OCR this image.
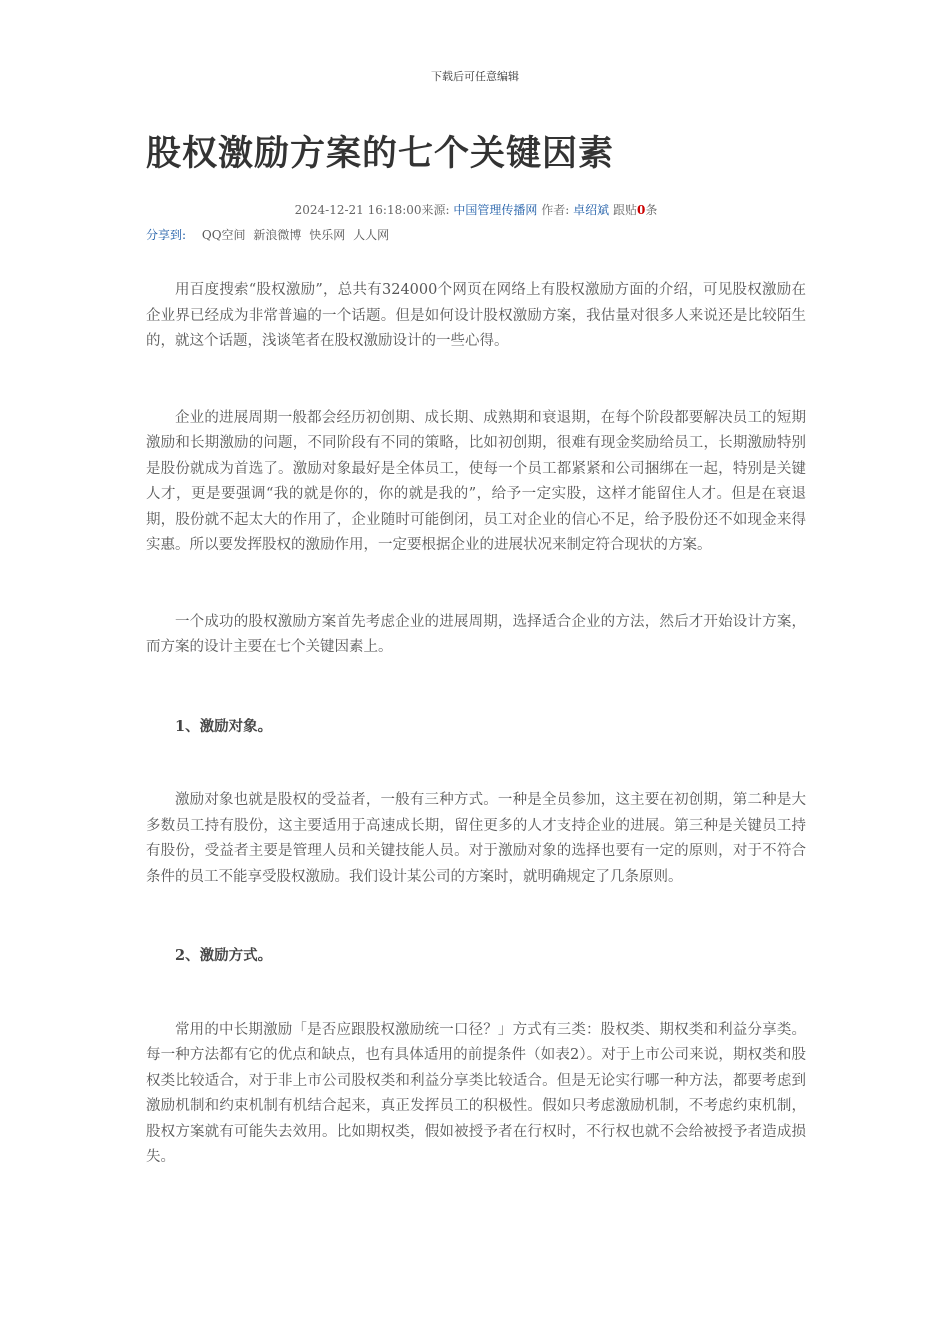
下载后可任意编辑
股权激励方案的七个关键因素
2024-12-21 16:18:00来源: 中国管理传播网 作者: 卓绍斌 跟贴0条
分享到: QQ空间 新浪微博 快乐网 人人网

用百度搜索“股权激励”，总共有324000个网页在网络上有股权激励方面的介绍，可见股权激励在企业界已经成为非常普遍的一个话题。但是如何设计股权激励方案，我估量对很多人来说还是比较陌生的，就这个话题，浅谈笔者在股权激励设计的一些心得。

企业的进展周期一般都会经历初创期、成长期、成熟期和衰退期，在每个阶段都要解决员工的短期激励和长期激励的问题，不同阶段有不同的策略，比如初创期，很难有现金奖励给员工，长期激励特别是股份就成为首选了。激励对象最好是全体员工，使每一个员工都紧紧和公司捆绑在一起，特别是关键人才，更是要强调“我的就是你的，你的就是我的”，给予一定实股，这样才能留住人才。但是在衰退期，股份就不起太大的作用了，企业随时可能倒闭，员工对企业的信心不足，给予股份还不如现金来得实惠。所以要发挥股权的激励作用，一定要根据企业的进展状况来制定符合现状的方案。

一个成功的股权激励方案首先考虑企业的进展周期，选择适合企业的方法，然后才开始设计方案，而方案的设计主要在七个关键因素上。

1、激励对象。

激励对象也就是股权的受益者，一般有三种方式。一种是全员参加，这主要在初创期，第二种是大多数员工持有股份，这主要适用于高速成长期，留住更多的人才支持企业的进展。第三种是关键员工持有股份，受益者主要是管理人员和关键技能人员。对于激励对象的选择也要有一定的原则，对于不符合条件的员工不能享受股权激励。我们设计某公司的方案时，就明确规定了几条原则。

2、激励方式。

常用的中长期激励「是否应跟股权激励统一口径？」方式有三类：股权类、期权类和利益分享类。每一种方法都有它的优点和缺点，也有具体适用的前提条件（如表2）。对于上市公司来说，期权类和股权类比较适合，对于非上市公司股权类和利益分享类比较适合。但是无论实行哪一种方法，都要考虑到激励机制和约束机制有机结合起来，真正发挥员工的积极性。假如只考虑激励机制，不考虑约束机制，股权方案就有可能失去效用。比如期权类，假如被授予者在行权时，不行权也就不会给被授予者造成损失。
